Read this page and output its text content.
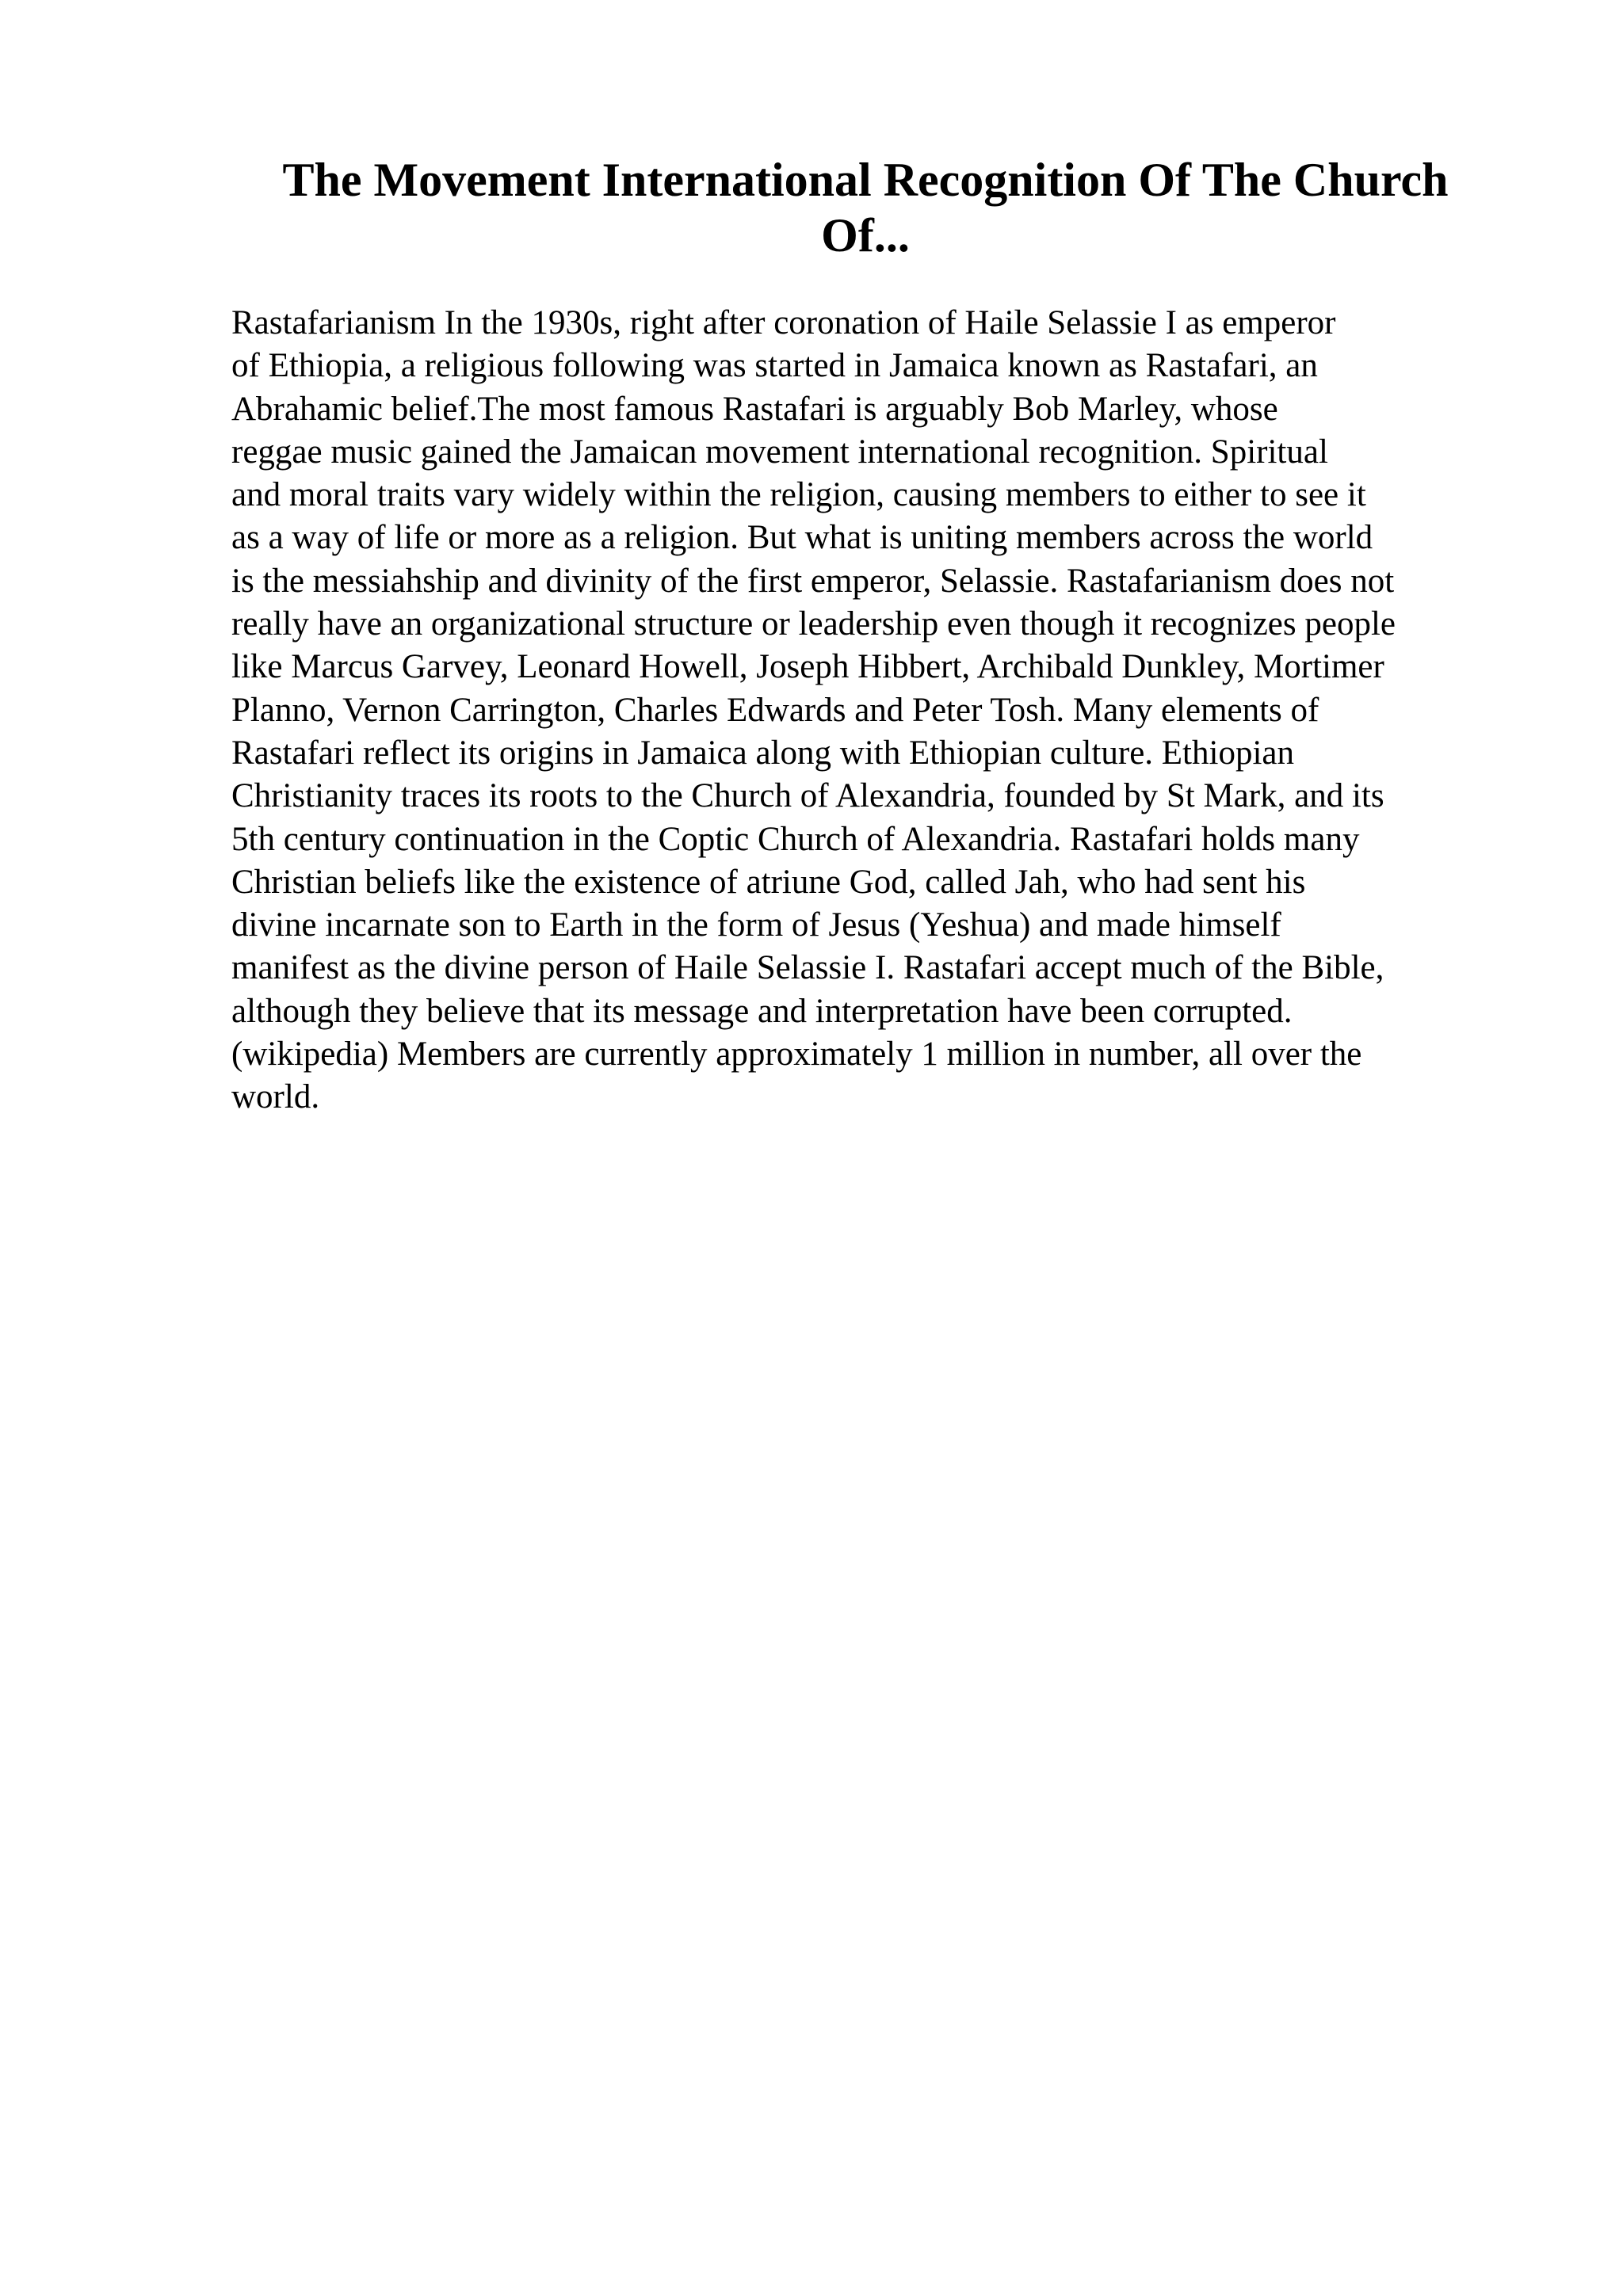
The Movement International Recognition Of The Church
Of...
Rastafarianism In the 1930s, right after coronation of Haile Selassie I as emperor
of Ethiopia, a religious following was started in Jamaica known as Rastafari, an
Abrahamic belief.The most famous Rastafari is arguably Bob Marley, whose
reggae music gained the Jamaican movement international recognition. Spiritual
and moral traits vary widely within the religion, causing members to either to see it
as a way of life or more as a religion. But what is uniting members across the world
is the messiahship and divinity of the first emperor, Selassie. Rastafarianism does not
really have an organizational structure or leadership even though it recognizes people
like Marcus Garvey, Leonard Howell, Joseph Hibbert, Archibald Dunkley, Mortimer
Planno, Vernon Carrington, Charles Edwards and Peter Tosh. Many elements of
Rastafari reflect its origins in Jamaica along with Ethiopian culture. Ethiopian
Christianity traces its roots to the Church of Alexandria, founded by St Mark, and its
5th century continuation in the Coptic Church of Alexandria. Rastafari holds many
Christian beliefs like the existence of atriune God, called Jah, who had sent his
divine incarnate son to Earth in the form of Jesus (Yeshua) and made himself
manifest as the divine person of Haile Selassie I. Rastafari accept much of the Bible,
although they believe that its message and interpretation have been corrupted.
(wikipedia) Members are currently approximately 1 million in number, all over the
world.
